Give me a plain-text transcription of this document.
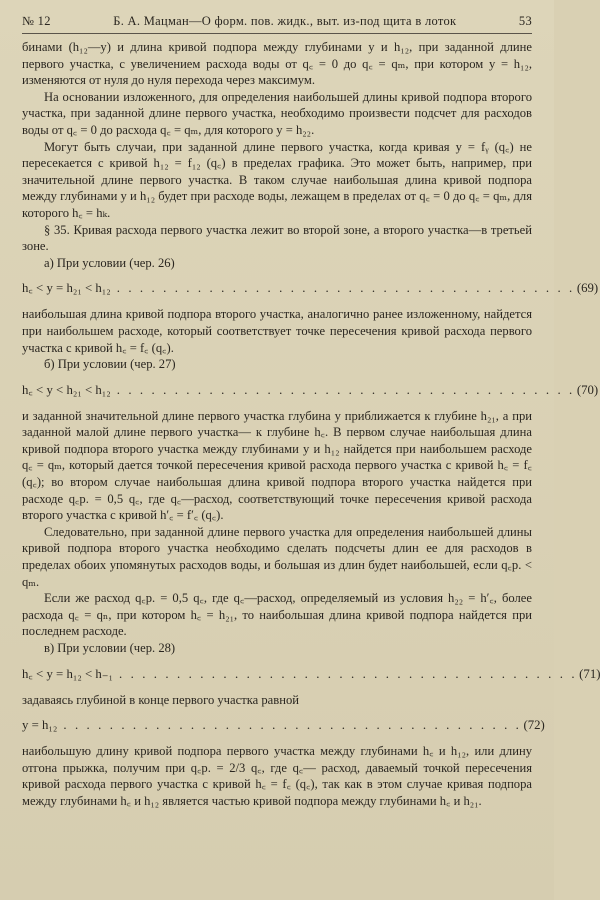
№ 12	Б. А. Мацман—О форм. пов. жидк., выт. из-под щита в лоток	53

бинами (h₁₂—y) и длина кривой подпора между глубинами y и h₁₂, при заданной длине первого участка, с увеличением расхода воды от q꜀ = 0 до q꜀ = qₘ, при котором y = h₁₂, изменяются от нуля до нуля перехода через максимум.

На основании изложенного, для определения наибольшей длины кривой подпора второго участка, при заданной длине первого участка, необходимо произвести подсчет для расходов воды от q꜀ = 0 до расхода q꜀ = qₘ, для которого y = h₂₂.

Могут быть случаи, при заданной длине первого участка, когда кривая y = fᵧ (q꜀) не пересекается с кривой h₁₂ = f₁₂ (q꜀) в пределах графика. Это может быть, например, при значительной длине первого участка. В таком случае наибольшая длина кривой подпора между глубинами y и h₁₂ будет при расходе воды, лежащем в пределах от q꜀ = 0 до q꜀ = qₘ, для которого h꜀ = hₖ.

§ 35. Кривая расхода первого участка лежит во второй зоне, а второго участка—в третьей зоне.

а) При условии (чер. 26)

h꜀ < y = h₂₁ < h₁₂ . . . . . . . . . . . . . . . . . . . . . . . . . . . . . . . . . . . . . . . . (69)

наибольшая длина кривой подпора второго участка, аналогично ранее изложенному, найдется при наибольшем расходе, который соответствует точке пересечения кривой расхода первого участка с кривой h꜀ = f꜀ (q꜀).

б) При условии (чер. 27)

h꜀ < y < h₂₁ < h₁₂ . . . . . . . . . . . . . . . . . . . . . . . . . . . . . . . . . . . . . . . . (70)

и заданной значительной длине первого участка глубина y приближается к глубине h₂₁, а при заданной малой длине первого участка— к глубине h꜀. В первом случае наибольшая длина кривой подпора второго участка между глубинами y и h₁₂ найдется при наибольшем расходе q꜀ = qₘ, который дается точкой пересечения кривой расхода первого участка с кривой h꜀ = f꜀ (q꜀); во втором случае наибольшая длина кривой подпора второго участка найдется при расходе q꜀р. = 0,5 q꜀, где q꜀—расход, соответствующий точке пересечения кривой расхода второго участка с кривой h′꜀ = f′꜀ (q꜀).

Следовательно, при заданной длине первого участка для определения наибольшей длины кривой подпора второго участка необходимо сделать подсчеты длин ее для расходов в пределах обоих упомянутых расходов воды, и большая из длин будет наибольшей, если q꜀р. < qₘ.

Если же расход q꜀р. = 0,5 q꜀, где q꜀—расход, определяемый из условия h₂₂ = h′꜀, более расхода q꜀ = qₙ, при котором h꜀ = h₂₁, то наибольшая длина кривой подпора найдется при последнем расходе.

в) При условии (чер. 28)

h꜀ < y = h₁₂ < h₋₁ . . . . . . . . . . . . . . . . . . . . . . . . . . . . . . . . . . . . . . . . (71)

задаваясь глубиной в конце первого участка равной

y = h₁₂ . . . . . . . . . . . . . . . . . . . . . . . . . . . . . . . . . . . . . . . . (72)

наибольшую длину кривой подпора первого участка между глубинами h꜀ и h₁₂, или длину отгона прыжка, получим при q꜀р. = 2/3 q꜀, где q꜀— расход, даваемый точкой пересечения кривой расхода первого участка с кривой h꜀ = f꜀ (q꜀), так как в этом случае кривая подпора между глубинами h꜀ и h₁₂ является частью кривой подпора между глубинами h꜀ и h₂₁.
